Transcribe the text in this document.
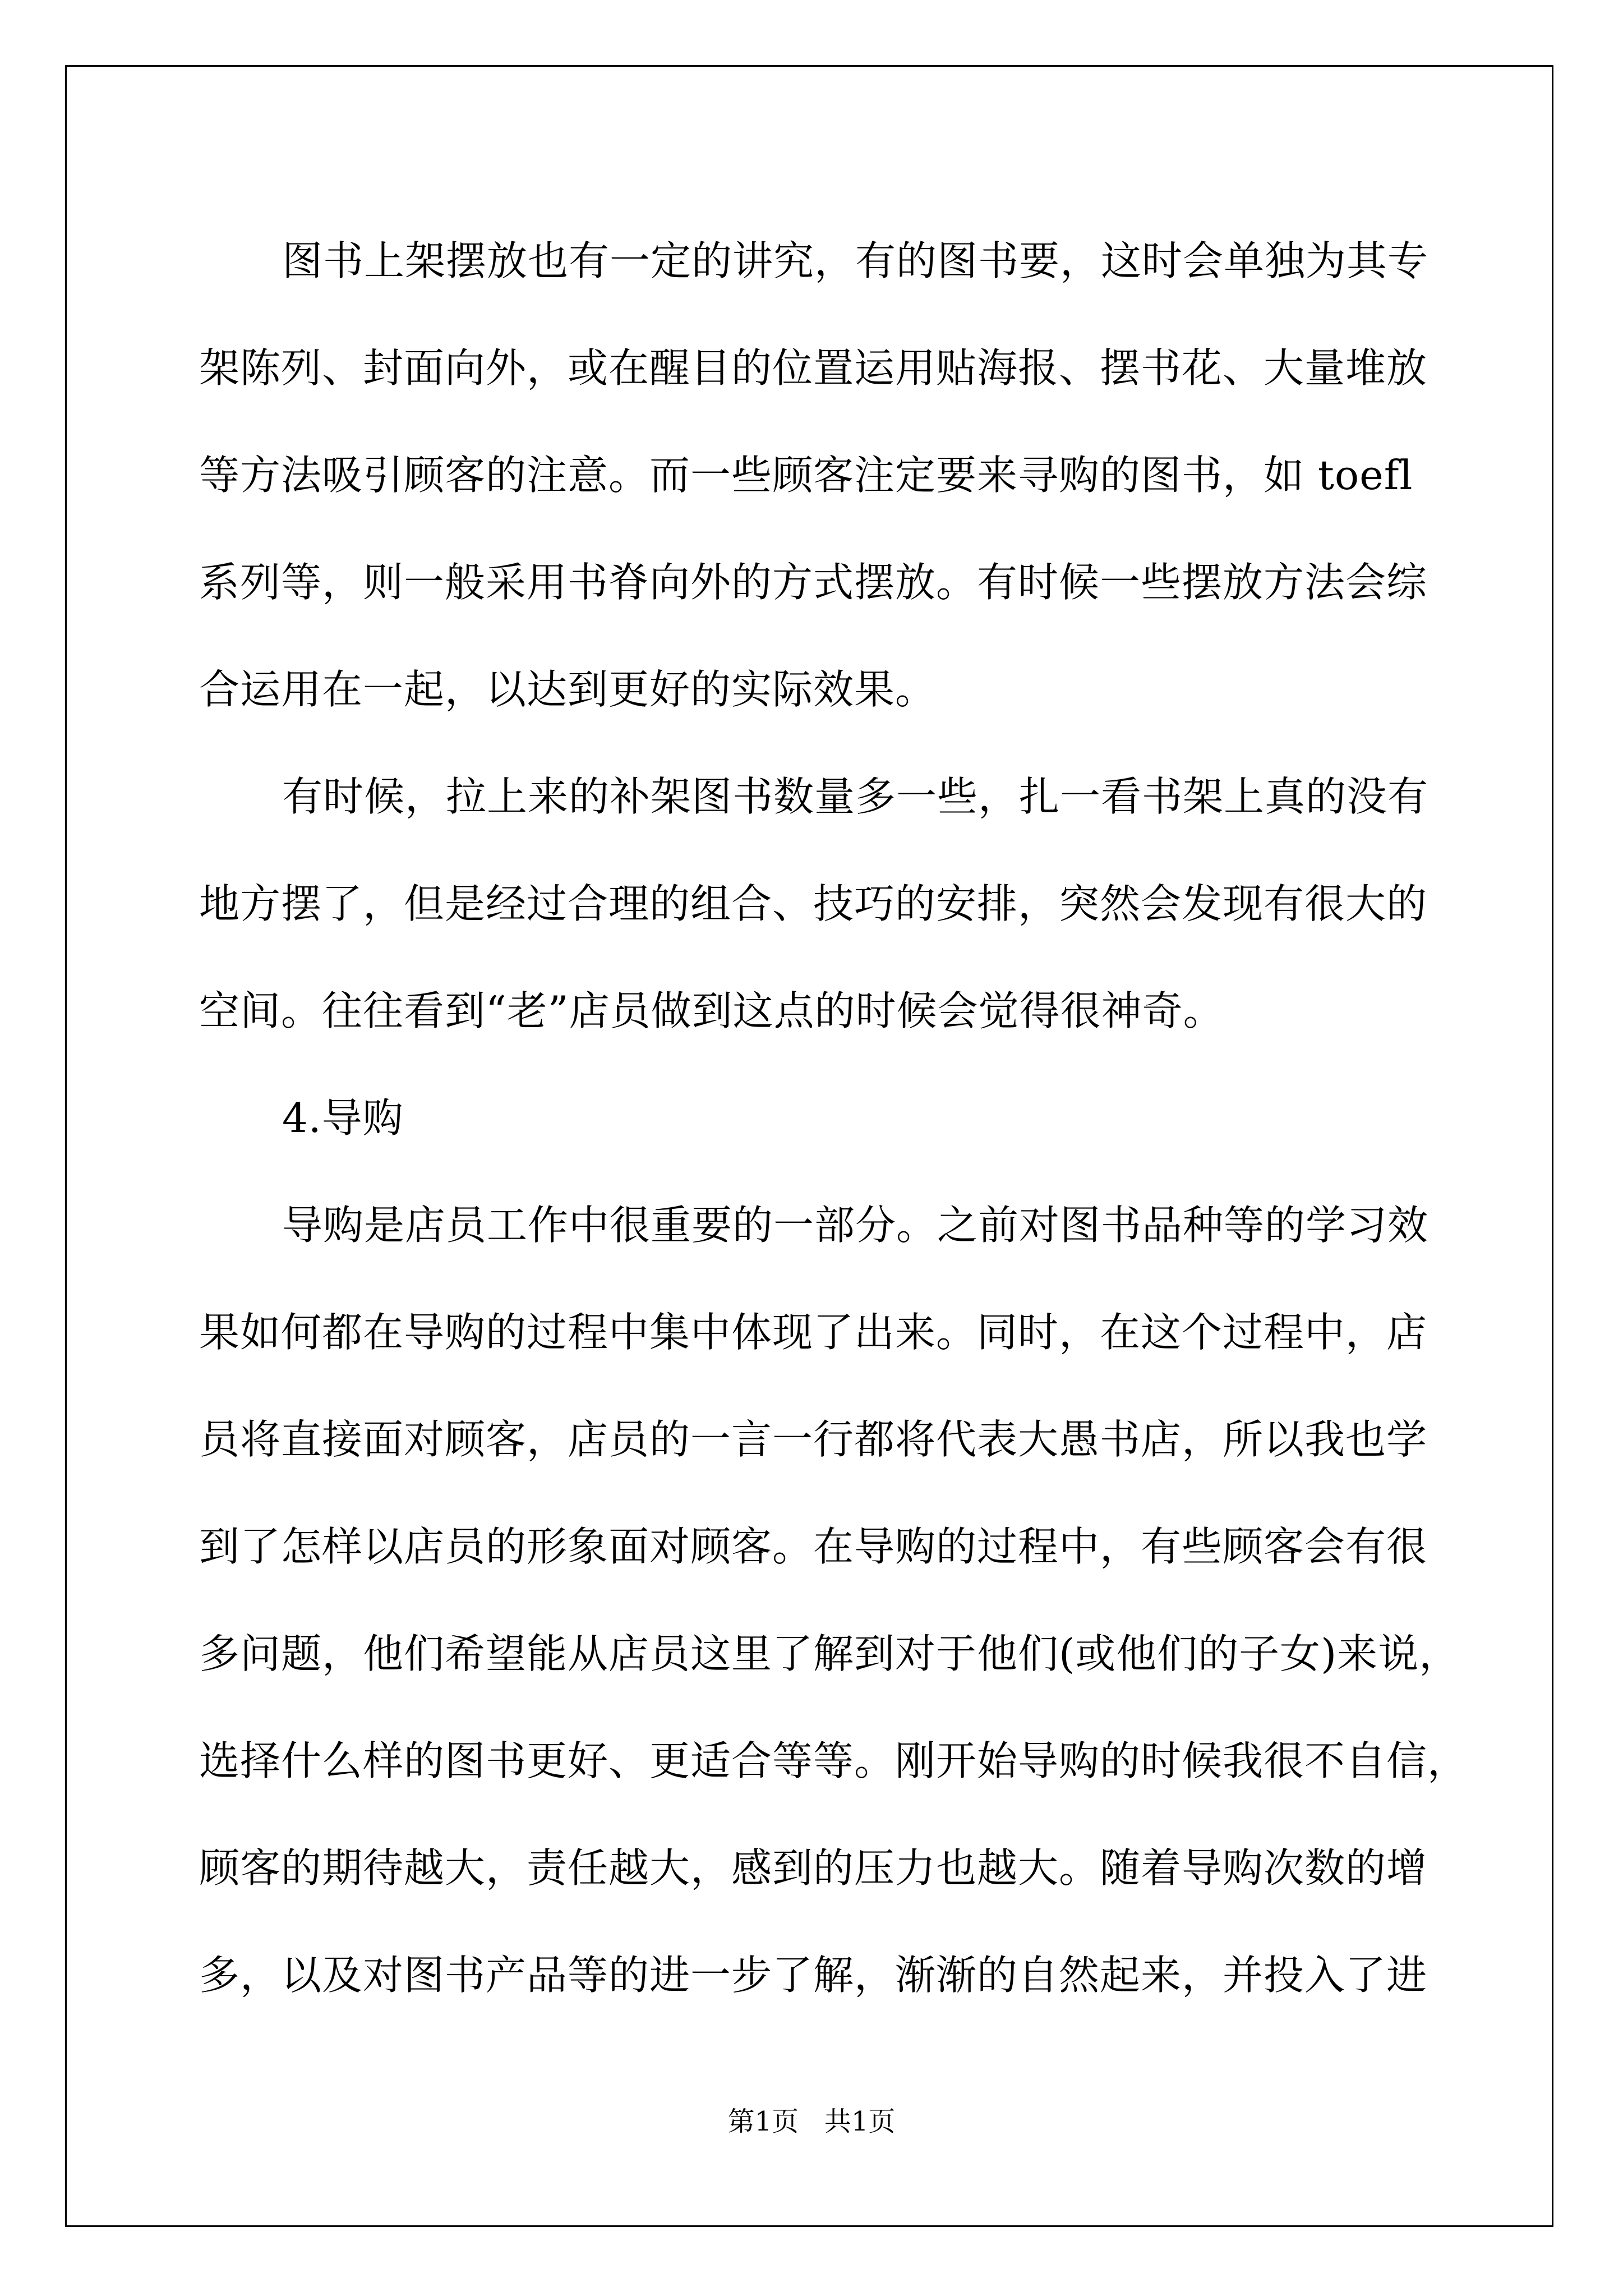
图书上架摆放也有一定的讲究，有的图书要，这时会单独为其专
架陈列、封面向外，或在醒目的位置运用贴海报、摆书花、大量堆放
等方法吸引顾客的注意。而一些顾客注定要来寻购的图书，如 toefl
系列等，则一般采用书脊向外的方式摆放。有时候一些摆放方法会综
合运用在一起，以达到更好的实际效果。
有时候，拉上来的补架图书数量多一些，扎一看书架上真的没有
地方摆了，但是经过合理的组合、技巧的安排，突然会发现有很大的
空间。往往看到“老”店员做到这点的时候会觉得很神奇。
4.导购
导购是店员工作中很重要的一部分。之前对图书品种等的学习效
果如何都在导购的过程中集中体现了出来。同时，在这个过程中，店
员将直接面对顾客，店员的一言一行都将代表大愚书店，所以我也学
到了怎样以店员的形象面对顾客。在导购的过程中，有些顾客会有很
多问题，他们希望能从店员这里了解到对于他们(或他们的子女)来说，
选择什么样的图书更好、更适合等等。刚开始导购的时候我很不自信，
顾客的期待越大，责任越大，感到的压力也越大。随着导购次数的增
多，以及对图书产品等的进一步了解，渐渐的自然起来，并投入了进
第1页 共1页
